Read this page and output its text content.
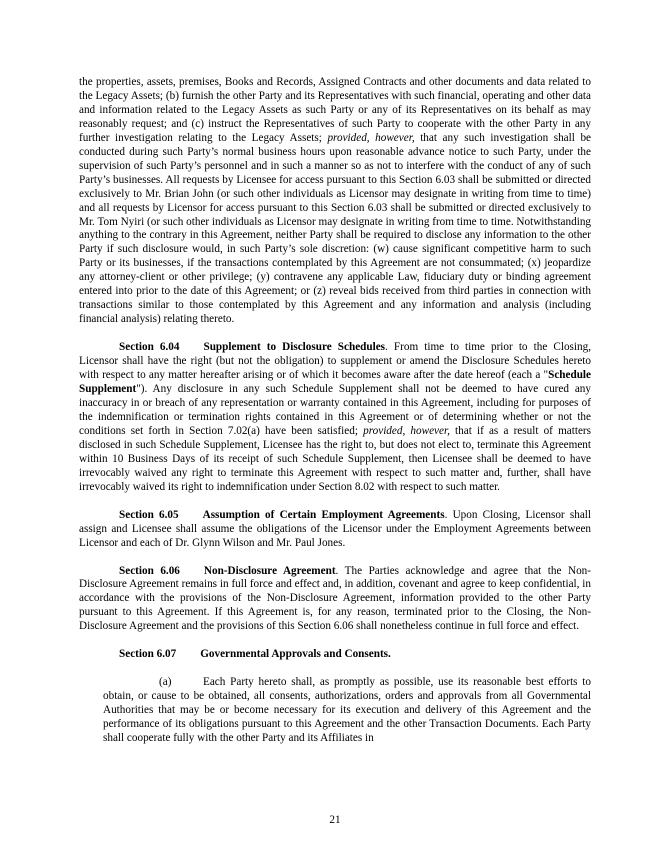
the properties, assets, premises, Books and Records, Assigned Contracts and other documents and data related to the Legacy Assets; (b) furnish the other Party and its Representatives with such financial, operating and other data and information related to the Legacy Assets as such Party or any of its Representatives on its behalf as may reasonably request; and (c) instruct the Representatives of such Party to cooperate with the other Party in any further investigation relating to the Legacy Assets; provided, however, that any such investigation shall be conducted during such Party’s normal business hours upon reasonable advance notice to such Party, under the supervision of such Party’s personnel and in such a manner so as not to interfere with the conduct of any of such Party’s businesses. All requests by Licensee for access pursuant to this Section 6.03 shall be submitted or directed exclusively to Mr. Brian John (or such other individuals as Licensor may designate in writing from time to time) and all requests by Licensor for access pursuant to this Section 6.03 shall be submitted or directed exclusively to Mr. Tom Nyiri (or such other individuals as Licensor may designate in writing from time to time. Notwithstanding anything to the contrary in this Agreement, neither Party shall be required to disclose any information to the other Party if such disclosure would, in such Party’s sole discretion: (w) cause significant competitive harm to such Party or its businesses, if the transactions contemplated by this Agreement are not consummated; (x) jeopardize any attorney-client or other privilege; (y) contravene any applicable Law, fiduciary duty or binding agreement entered into prior to the date of this Agreement; or (z) reveal bids received from third parties in connection with transactions similar to those contemplated by this Agreement and any information and analysis (including financial analysis) relating thereto.

Section 6.04 Supplement to Disclosure Schedules. From time to time prior to the Closing, Licensor shall have the right (but not the obligation) to supplement or amend the Disclosure Schedules hereto with respect to any matter hereafter arising or of which it becomes aware after the date hereof (each a "Schedule Supplement"). Any disclosure in any such Schedule Supplement shall not be deemed to have cured any inaccuracy in or breach of any representation or warranty contained in this Agreement, including for purposes of the indemnification or termination rights contained in this Agreement or of determining whether or not the conditions set forth in Section 7.02(a) have been satisfied; provided, however, that if as a result of matters disclosed in such Schedule Supplement, Licensee has the right to, but does not elect to, terminate this Agreement within 10 Business Days of its receipt of such Schedule Supplement, then Licensee shall be deemed to have irrevocably waived any right to terminate this Agreement with respect to such matter and, further, shall have irrevocably waived its right to indemnification under Section 8.02 with respect to such matter.

Section 6.05 Assumption of Certain Employment Agreements. Upon Closing, Licensor shall assign and Licensee shall assume the obligations of the Licensor under the Employment Agreements between Licensor and each of Dr. Glynn Wilson and Mr. Paul Jones.

Section 6.06 Non-Disclosure Agreement. The Parties acknowledge and agree that the Non-Disclosure Agreement remains in full force and effect and, in addition, covenant and agree to keep confidential, in accordance with the provisions of the Non-Disclosure Agreement, information provided to the other Party pursuant to this Agreement. If this Agreement is, for any reason, terminated prior to the Closing, the Non-Disclosure Agreement and the provisions of this Section 6.06 shall nonetheless continue in full force and effect.

Section 6.07 Governmental Approvals and Consents.

(a)	Each Party hereto shall, as promptly as possible, use its reasonable best efforts to obtain, or cause to be obtained, all consents, authorizations, orders and approvals from all Governmental Authorities that may be or become necessary for its execution and delivery of this Agreement and the performance of its obligations pursuant to this Agreement and the other Transaction Documents. Each Party shall cooperate fully with the other Party and its Affiliates in

21
